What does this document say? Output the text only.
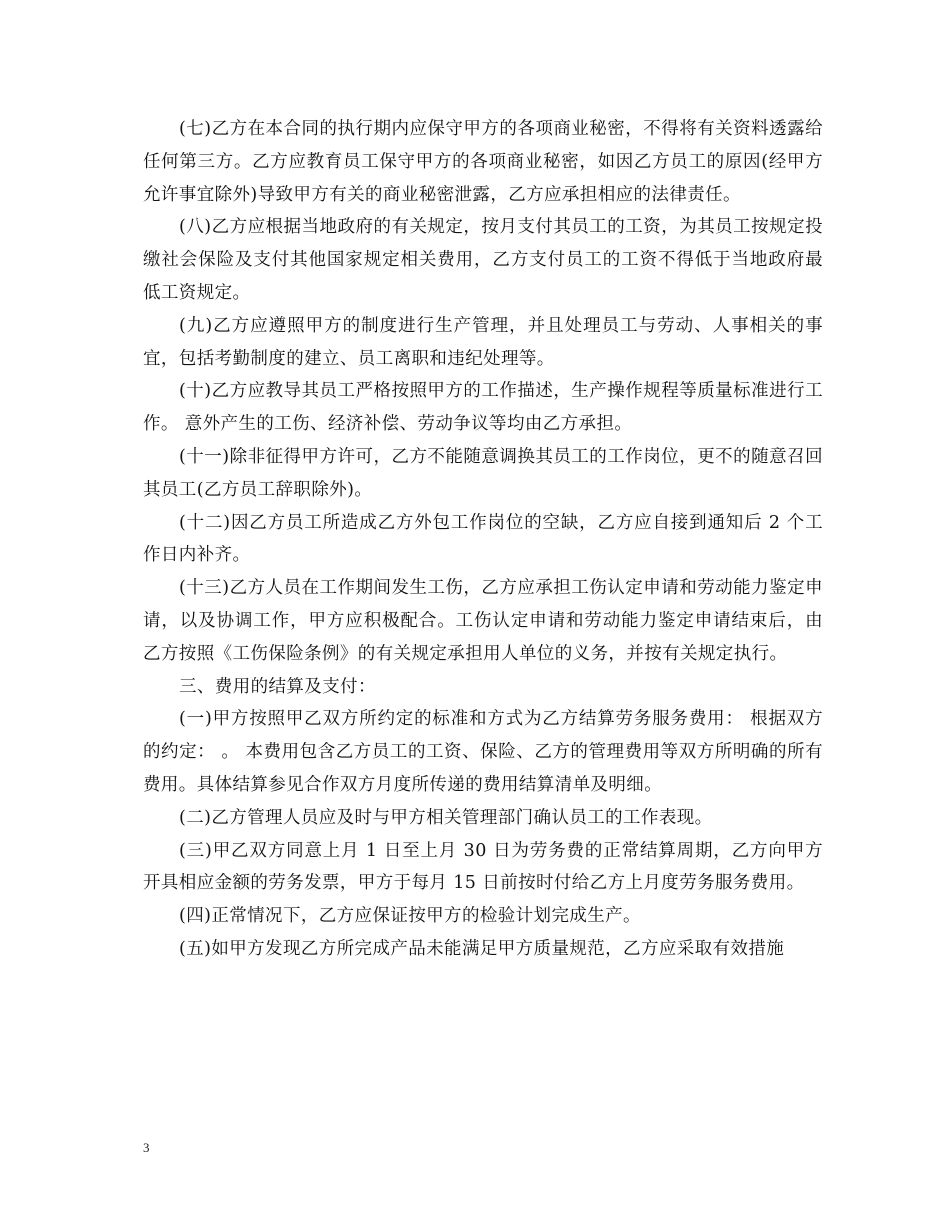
(七)乙方在本合同的执行期内应保守甲方的各项商业秘密，不得将有关资料透露给任何第三方。乙方应教育员工保守甲方的各项商业秘密，如因乙方员工的原因(经甲方允许事宜除外)导致甲方有关的商业秘密泄露，乙方应承担相应的法律责任。

(八)乙方应根据当地政府的有关规定，按月支付其员工的工资，为其员工按规定投缴社会保险及支付其他国家规定相关费用，乙方支付员工的工资不得低于当地政府最低工资规定。

(九)乙方应遵照甲方的制度进行生产管理，并且处理员工与劳动、人事相关的事宜，包括考勤制度的建立、员工离职和违纪处理等。

(十)乙方应教导其员工严格按照甲方的工作描述，生产操作规程等质量标准进行工作。 意外产生的工伤、经济补偿、劳动争议等均由乙方承担。

(十一)除非征得甲方许可，乙方不能随意调换其员工的工作岗位，更不的随意召回其员工(乙方员工辞职除外)。

(十二)因乙方员工所造成乙方外包工作岗位的空缺，乙方应自接到通知后 2 个工作日内补齐。

(十三)乙方人员在工作期间发生工伤，乙方应承担工伤认定申请和劳动能力鉴定申请，以及协调工作，甲方应积极配合。工伤认定申请和劳动能力鉴定申请结束后，由乙方按照《工伤保险条例》的有关规定承担用人单位的义务，并按有关规定执行。

三、费用的结算及支付：

(一)甲方按照甲乙双方所约定的标准和方式为乙方结算劳务服务费用： 根据双方的约定： 。 本费用包含乙方员工的工资、保险、乙方的管理费用等双方所明确的所有费用。具体结算参见合作双方月度所传递的费用结算清单及明细。

(二)乙方管理人员应及时与甲方相关管理部门确认员工的工作表现。

(三)甲乙双方同意上月 1 日至上月 30 日为劳务费的正常结算周期，乙方向甲方开具相应金额的劳务发票，甲方于每月 15 日前按时付给乙方上月度劳务服务费用。

(四)正常情况下，乙方应保证按甲方的检验计划完成生产。

(五)如甲方发现乙方所完成产品未能满足甲方质量规范，乙方应采取有效措施

3
